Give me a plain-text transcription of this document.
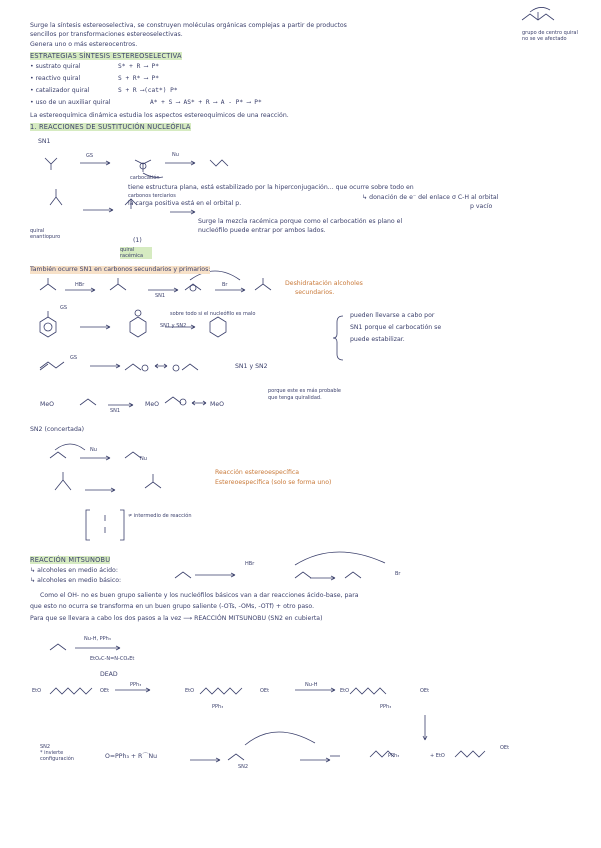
Surge la síntesis estereoselectiva, se construyen moléculas orgánicas complejas a partir de productos
sencillos por transformaciones estereoselectivas.
Genera uno o más estereocentros.
grupo de centro quiral no se ve afectado
ESTRATEGIAS SÍNTESIS ESTEREOSELECTIVA
• sustrato quiral	S* + R ⟶ P*
• reactivo quiral	S + R* ⟶ P*
• catalizador quiral	S + R ⟶(cat*) P*
• uso de un auxiliar quiral	A* + S ⟶ AS* + R ⟶ A - P* ⟶ P*
La estereoquímica dinámica estudia los aspectos estereoquímicos de una reacción.
1. REACCIONES DE SUSTITUCIÓN NUCLEÓFILA
SN1
GS	Nu
carbocatión
tiene estructura plana, está estabilizado por la hiperconjugación... que ocurre sobre todo en
carbonos terciarios
la carga positiva está en el orbital p.
↳ donación de e⁻ del enlace σ C-H al orbital
p vacío
Surge la mezcla racémica porque como el carbocatión es plano el
nucleófilo puede entrar por ambos lados.
quiral enantiopuro	(1)
quiral racémica
También ocurre SN1 en carbonos secundarios y primarios:
HBr
SN1
Br	Deshidratación alcoholes
secundarios.
GS
sobre todo si el nucleófilo es malo
SN1 y SN2
pueden llevarse a cabo por
SN1 porque el carbocatión se
puede estabilizar.
GS
SN1 y SN2
MeO
SN1
MeO	MeO
porque este es más probable
que tenga quiralidad.
SN2 (concertada)
Nu
Nu
Reacción estereoespecífica
Estereoespecífica (solo se forma uno)
≠ intermedio de reacción
REACCIÓN MITSUNOBU
↳ alcoholes en medio ácido:
↳ alcoholes en medio básico:
HBr
Br
Como el OH- no es buen grupo saliente y los nucleófilos básicos van a dar reacciones ácido-base, para
que esto no ocurra se transforma en un buen grupo saliente (-OTs, -OMs, -OTf) + otro paso.
Para que se llevara a cabo los dos pasos a la vez ⟶ REACCIÓN MITSUNOBU (SN2 en cubierta)
Nu-H, PPh₃
EtO₂C-N=N-CO₂Et
DEAD
EtO	OEt
PPh₃
EtO	OEt
PPh₃
Nu-H
EtO	OEt
PPh₃
SN2
* invierte
configuración	O=PPh₃ + R⌒Nu
SN2
PPh₃	+ EtO
OEt
